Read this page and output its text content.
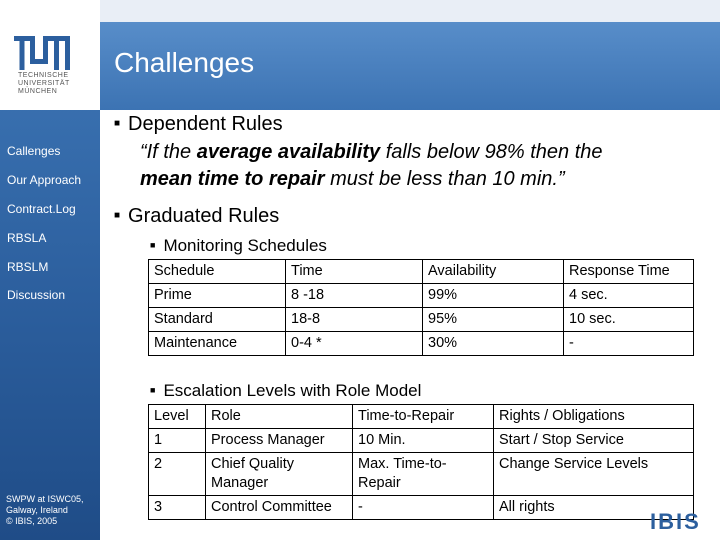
TECHNISCHE
UNIVERSITÄT
MÜNCHEN
Challenges
Callenges
Our Approach
Contract.Log
RBSLA
RBSLM
Discussion
SWPW at ISWC05,
Galway, Ireland
© IBIS, 2005
■ Dependent Rules
“If the average availability falls below 98% then the
mean time to repair must be less than 10 min.”
■ Graduated Rules
■ Monitoring Schedules
Schedule	Time	Availability	Response Time
Prime	8 -18	99%	4 sec.
Standard	18-8	95%	10 sec.
Maintenance	0-4 *	30%	-
■ Escalation Levels with Role Model
Level	Role	Time-to-Repair	Rights / Obligations
1	Process Manager	10 Min.	Start / Stop Service
2	Chief Quality Manager	Max. Time-to-Repair	Change Service Levels
3	Control Committee	-	All rights
IBIS
